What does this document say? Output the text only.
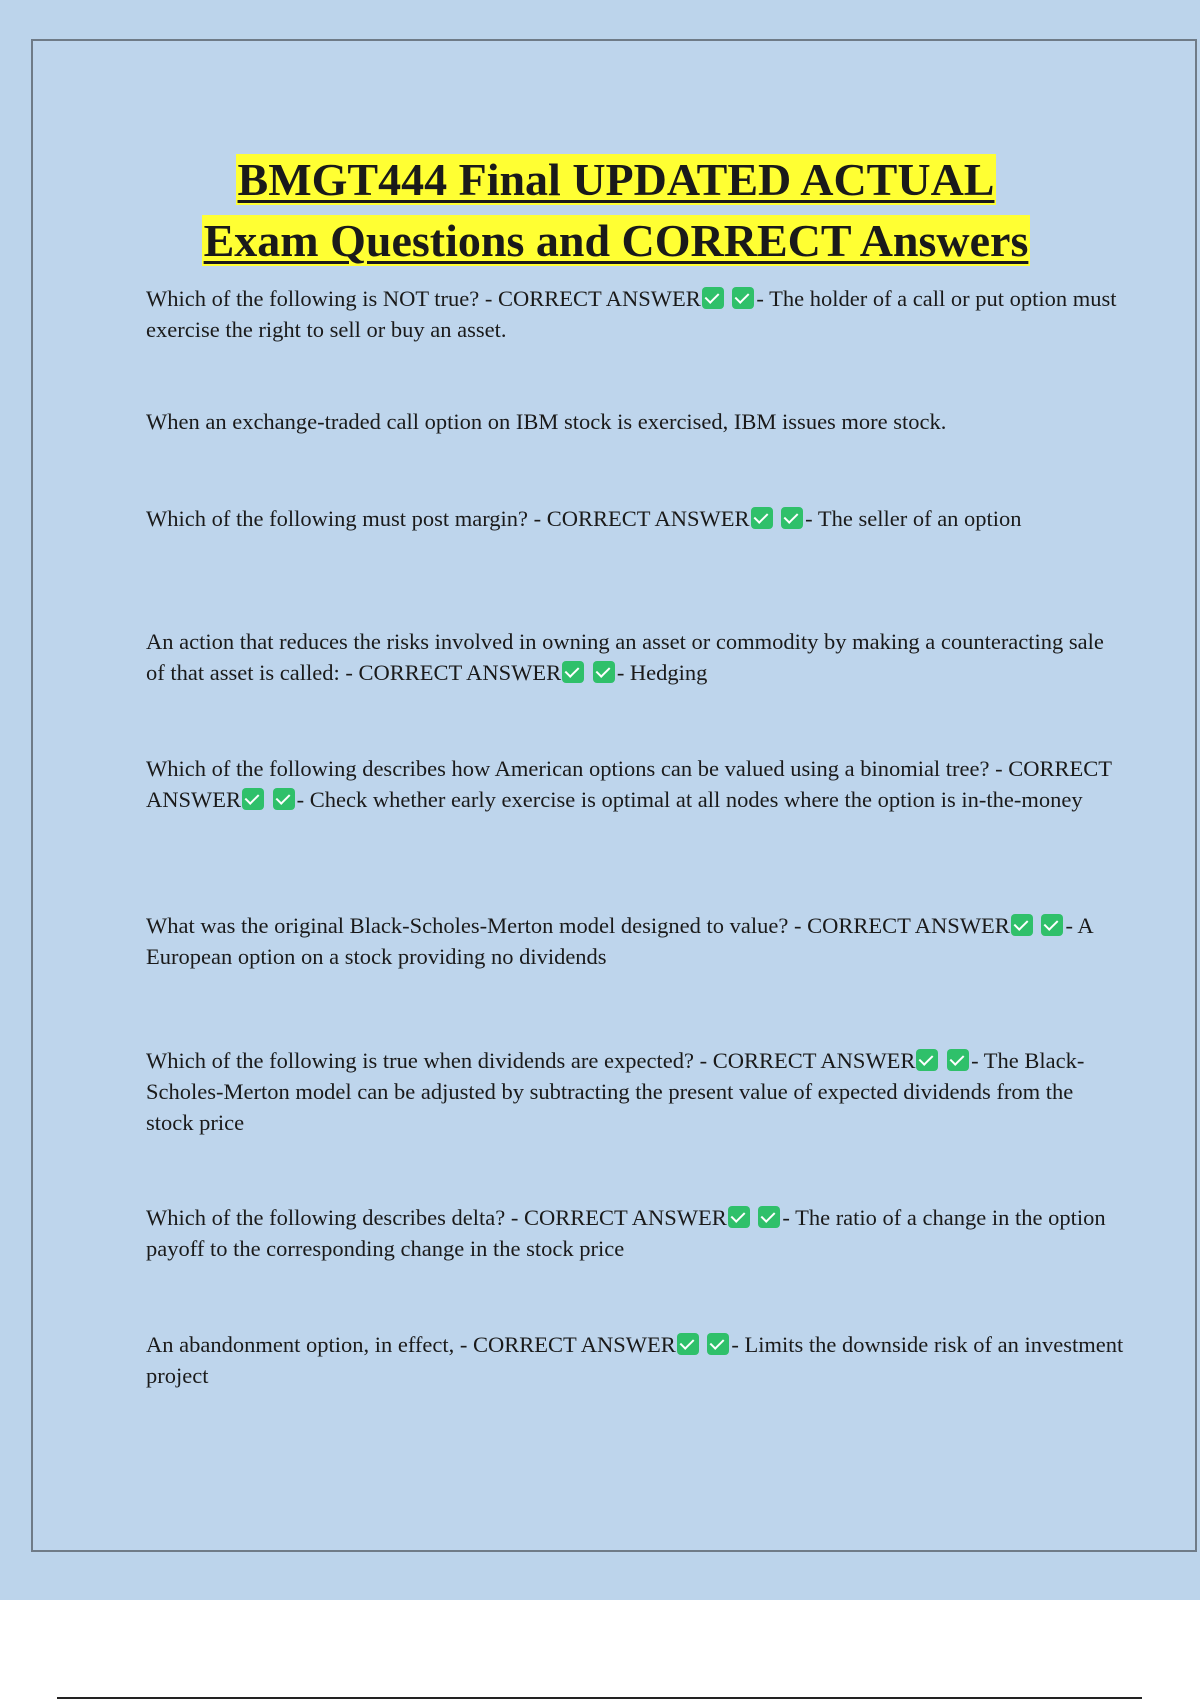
BMGT444 Final UPDATED ACTUAL
Exam Questions and CORRECT Answers

Which of the following is NOT true? - CORRECT ANSWER - The holder of a call or put option must exercise the right to sell or buy an asset.

When an exchange-traded call option on IBM stock is exercised, IBM issues more stock.

Which of the following must post margin? - CORRECT ANSWER - The seller of an option

An action that reduces the risks involved in owning an asset or commodity by making a counteracting sale of that asset is called: - CORRECT ANSWER - Hedging

Which of the following describes how American options can be valued using a binomial tree? - CORRECT ANSWER - Check whether early exercise is optimal at all nodes where the option is in-the-money

What was the original Black-Scholes-Merton model designed to value? - CORRECT ANSWER - A European option on a stock providing no dividends

Which of the following is true when dividends are expected? - CORRECT ANSWER - The Black-Scholes-Merton model can be adjusted by subtracting the present value of expected dividends from the stock price

Which of the following describes delta? - CORRECT ANSWER - The ratio of a change in the option payoff to the corresponding change in the stock price

An abandonment option, in effect, - CORRECT ANSWER - Limits the downside risk of an investment project
